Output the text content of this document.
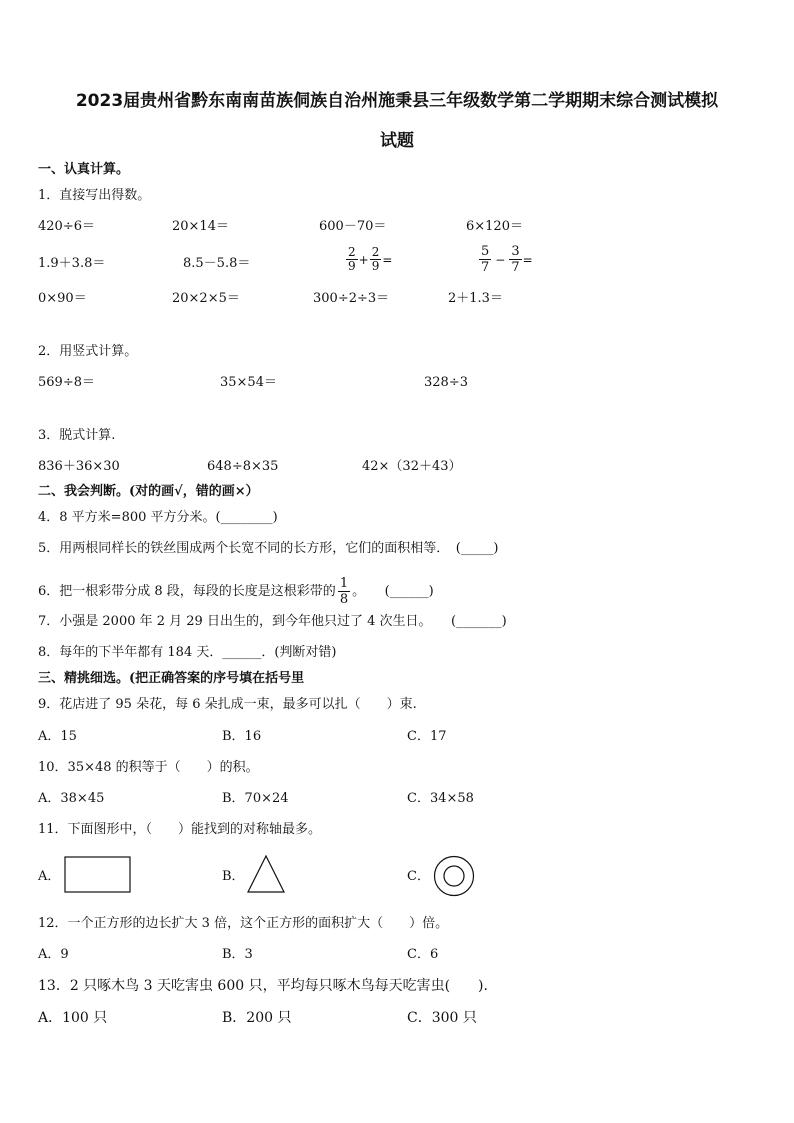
2023届贵州省黔东南南苗族侗族自治州施秉县三年级数学第二学期期末综合测试模拟
试题
一、认真计算。
1．直接写出得数。
420÷6＝	20×14＝	600－70＝	6×120＝
1.9＋3.8＝	8.5－5.8＝	$\frac{2}{9} + \frac{2}{9}$ =	$\frac{5}{7} - \frac{3}{7}$ =
0×90＝	20×2×5＝	300÷2÷3＝	2＋1.3＝
2．用竖式计算。
569÷8＝	35×54＝	328÷3
3．脱式计算.
836＋36×30	648÷8×35	42×（32＋43）
二、我会判断。(对的画√，错的画×）
4．8 平方米=800 平方分米。(________)
5．用两根同样长的铁丝围成两个长宽不同的长方形，它们的面积相等．　(_____)
6．把一根彩带分成 8 段，每段的长度是这根彩带的 $\frac{1}{8}$ 。　　(______)
7．小强是 2000 年 2 月 29 日出生的，到今年他只过了 4 次生日。　　(_______)
8．每年的下半年都有 184 天．______．(判断对错)
三、精挑细选。(把正确答案的序号填在括号里
9．花店进了 95 朵花，每 6 朵扎成一束，最多可以扎（　　）束.
A．15	B．16	C．17
10．35×48 的积等于（　　）的积。
A．38×45	B．70×24	C．34×58
11．下面图形中，（　　）能找到的对称轴最多。
A．	B．	C．
12．一个正方形的边长扩大 3 倍，这个正方形的面积扩大（　　）倍。
A．9	B．3	C．6
13．2 只啄木鸟 3 天吃害虫 600 只，平均每只啄木鸟每天吃害虫(　　).
A．100 只	B．200 只	C．300 只
